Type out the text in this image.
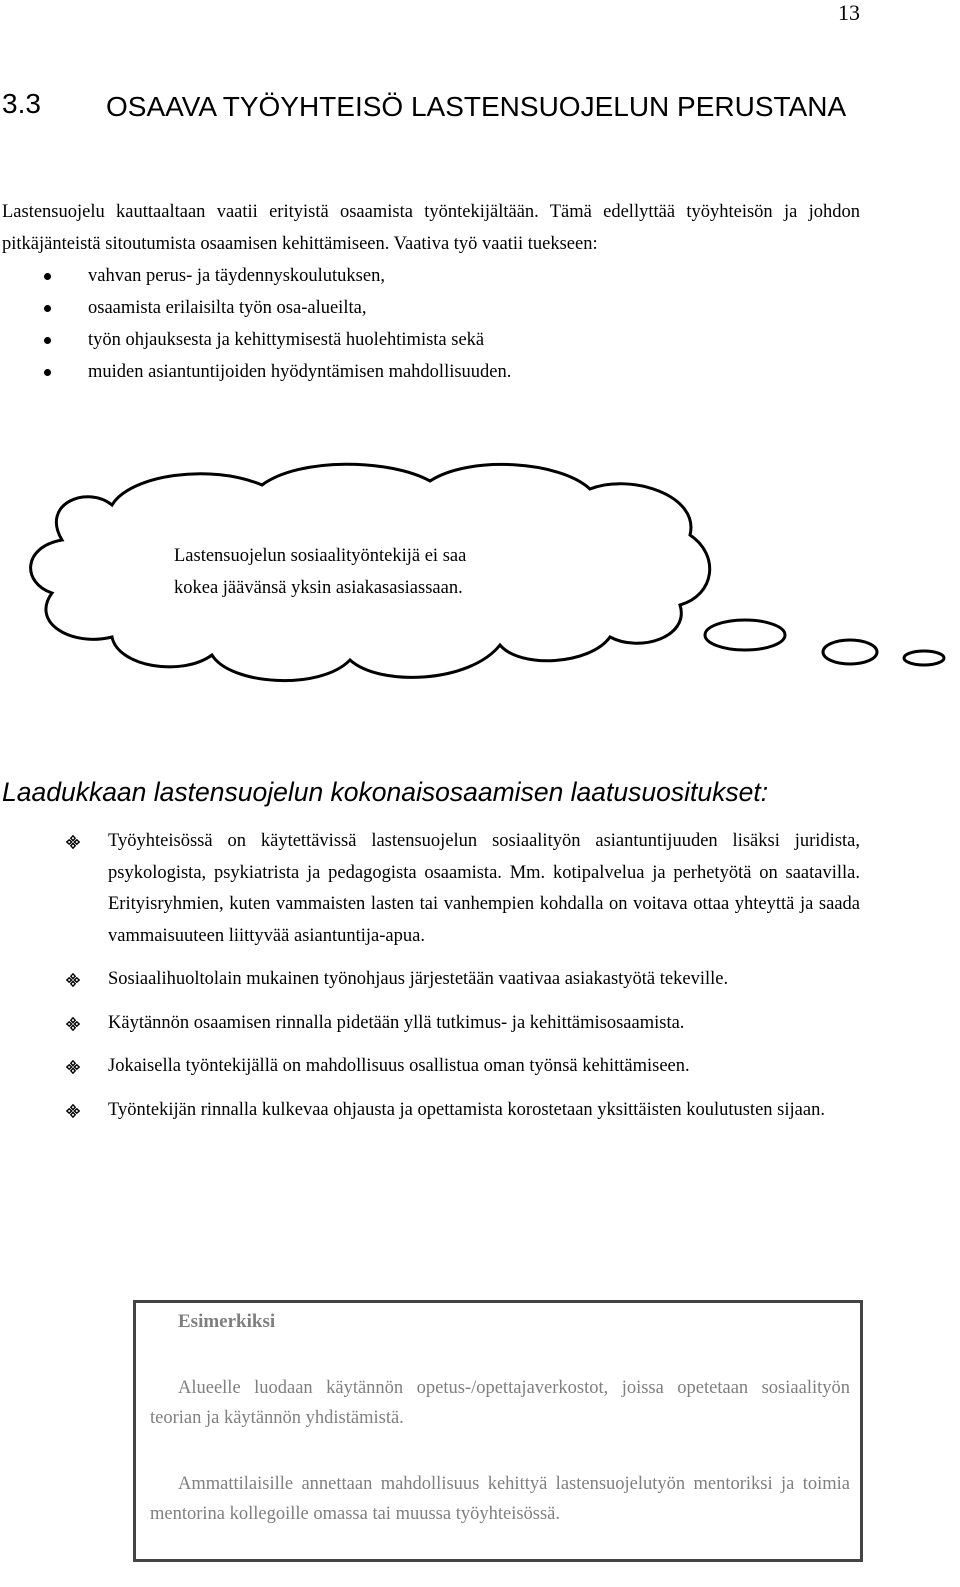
13
3.3 OSAAVA TYÖYHTEISÖ LASTENSUOJELUN PERUSTANA
Lastensuojelu kauttaaltaan vaatii erityistä osaamista työntekijältään. Tämä edellyttää työyhteisön ja johdon pitkäjänteistä sitoutumista osaamisen kehittämiseen. Vaativa työ vaatii tuekseen:
vahvan perus- ja täydennyskoulutuksen,
osaamista erilaisilta työn osa-alueilta,
työn ohjauksesta ja kehittymisestä huolehtimista sekä
muiden asiantuntijoiden hyödyntämisen mahdollisuuden.
Lastensuojelun sosiaalityöntekijä ei saa
kokea jäävänsä yksin asiakasasiassaan.
Laadukkaan lastensuojelun kokonaisosaamisen laatusuositukset:
Työyhteisössä on käytettävissä lastensuojelun sosiaalityön asiantuntijuuden lisäksi juridista, psykologista, psykiatrista ja pedagogista osaamista. Mm. kotipalvelua ja perhetyötä on saatavilla. Erityisryhmien, kuten vammaisten lasten tai vanhempien kohdalla on voitava ottaa yhteyttä ja saada vammaisuuteen liittyvää asiantuntija-apua.
Sosiaalihuoltolain mukainen työnohjaus järjestetään vaativaa asiakastyötä tekeville.
Käytännön osaamisen rinnalla pidetään yllä tutkimus- ja kehittämisosaamista.
Jokaisella työntekijällä on mahdollisuus osallistua oman työnsä kehittämiseen.
Työntekijän rinnalla kulkevaa ohjausta ja opettamista korostetaan yksittäisten koulutusten sijaan.
Esimerkiksi
Alueelle luodaan käytännön opetus-/opettajaverkostot, joissa opetetaan sosiaalityön teorian ja käytännön yhdistämistä.
Ammattilaisille annettaan mahdollisuus kehittyä lastensuojelutyön mentoriksi ja toimia mentorina kollegoille omassa tai muussa työyhteisössä.
